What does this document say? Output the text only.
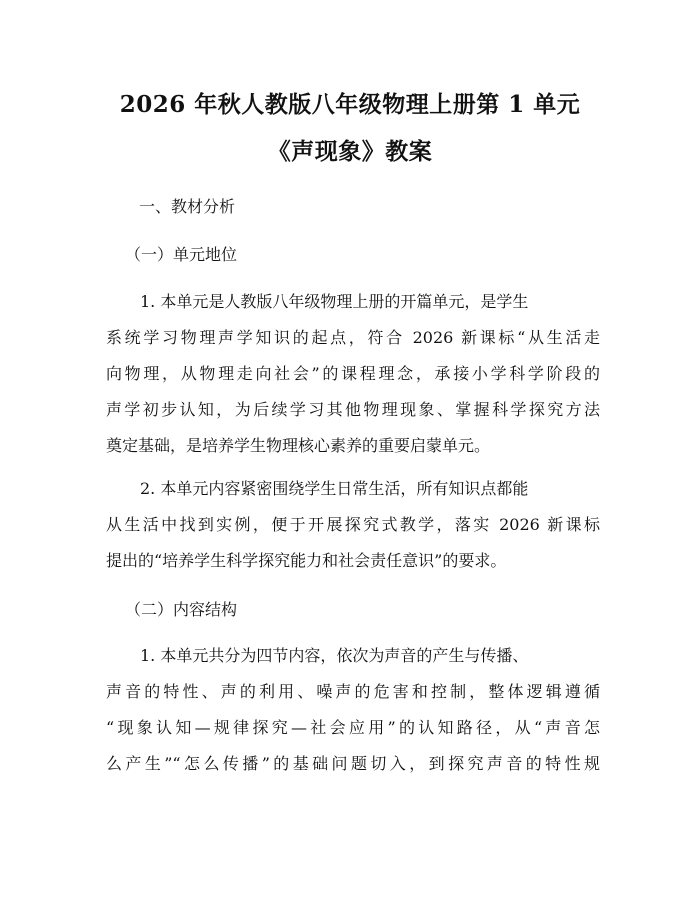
2026 年秋人教版八年级物理上册第 1 单元
《声现象》教案
一、教材分析
（一）单元地位
1. 本单元是人教版八年级物理上册的开篇单元，是学生
系统学习物理声学知识的起点，符合 2026 新课标“从生活走
向物理，从物理走向社会”的课程理念，承接小学科学阶段的
声学初步认知，为后续学习其他物理现象、掌握科学探究方法
奠定基础，是培养学生物理核心素养的重要启蒙单元。
2. 本单元内容紧密围绕学生日常生活，所有知识点都能
从生活中找到实例，便于开展探究式教学，落实 2026 新课标
提出的“培养学生科学探究能力和社会责任意识”的要求。
（二）内容结构
1. 本单元共分为四节内容，依次为声音的产生与传播、
声音的特性、声的利用、噪声的危害和控制，整体逻辑遵循
“现象认知—规律探究—社会应用”的认知路径，从“声音怎
么产生”“怎么传播”的基础问题切入，到探究声音的特性规
